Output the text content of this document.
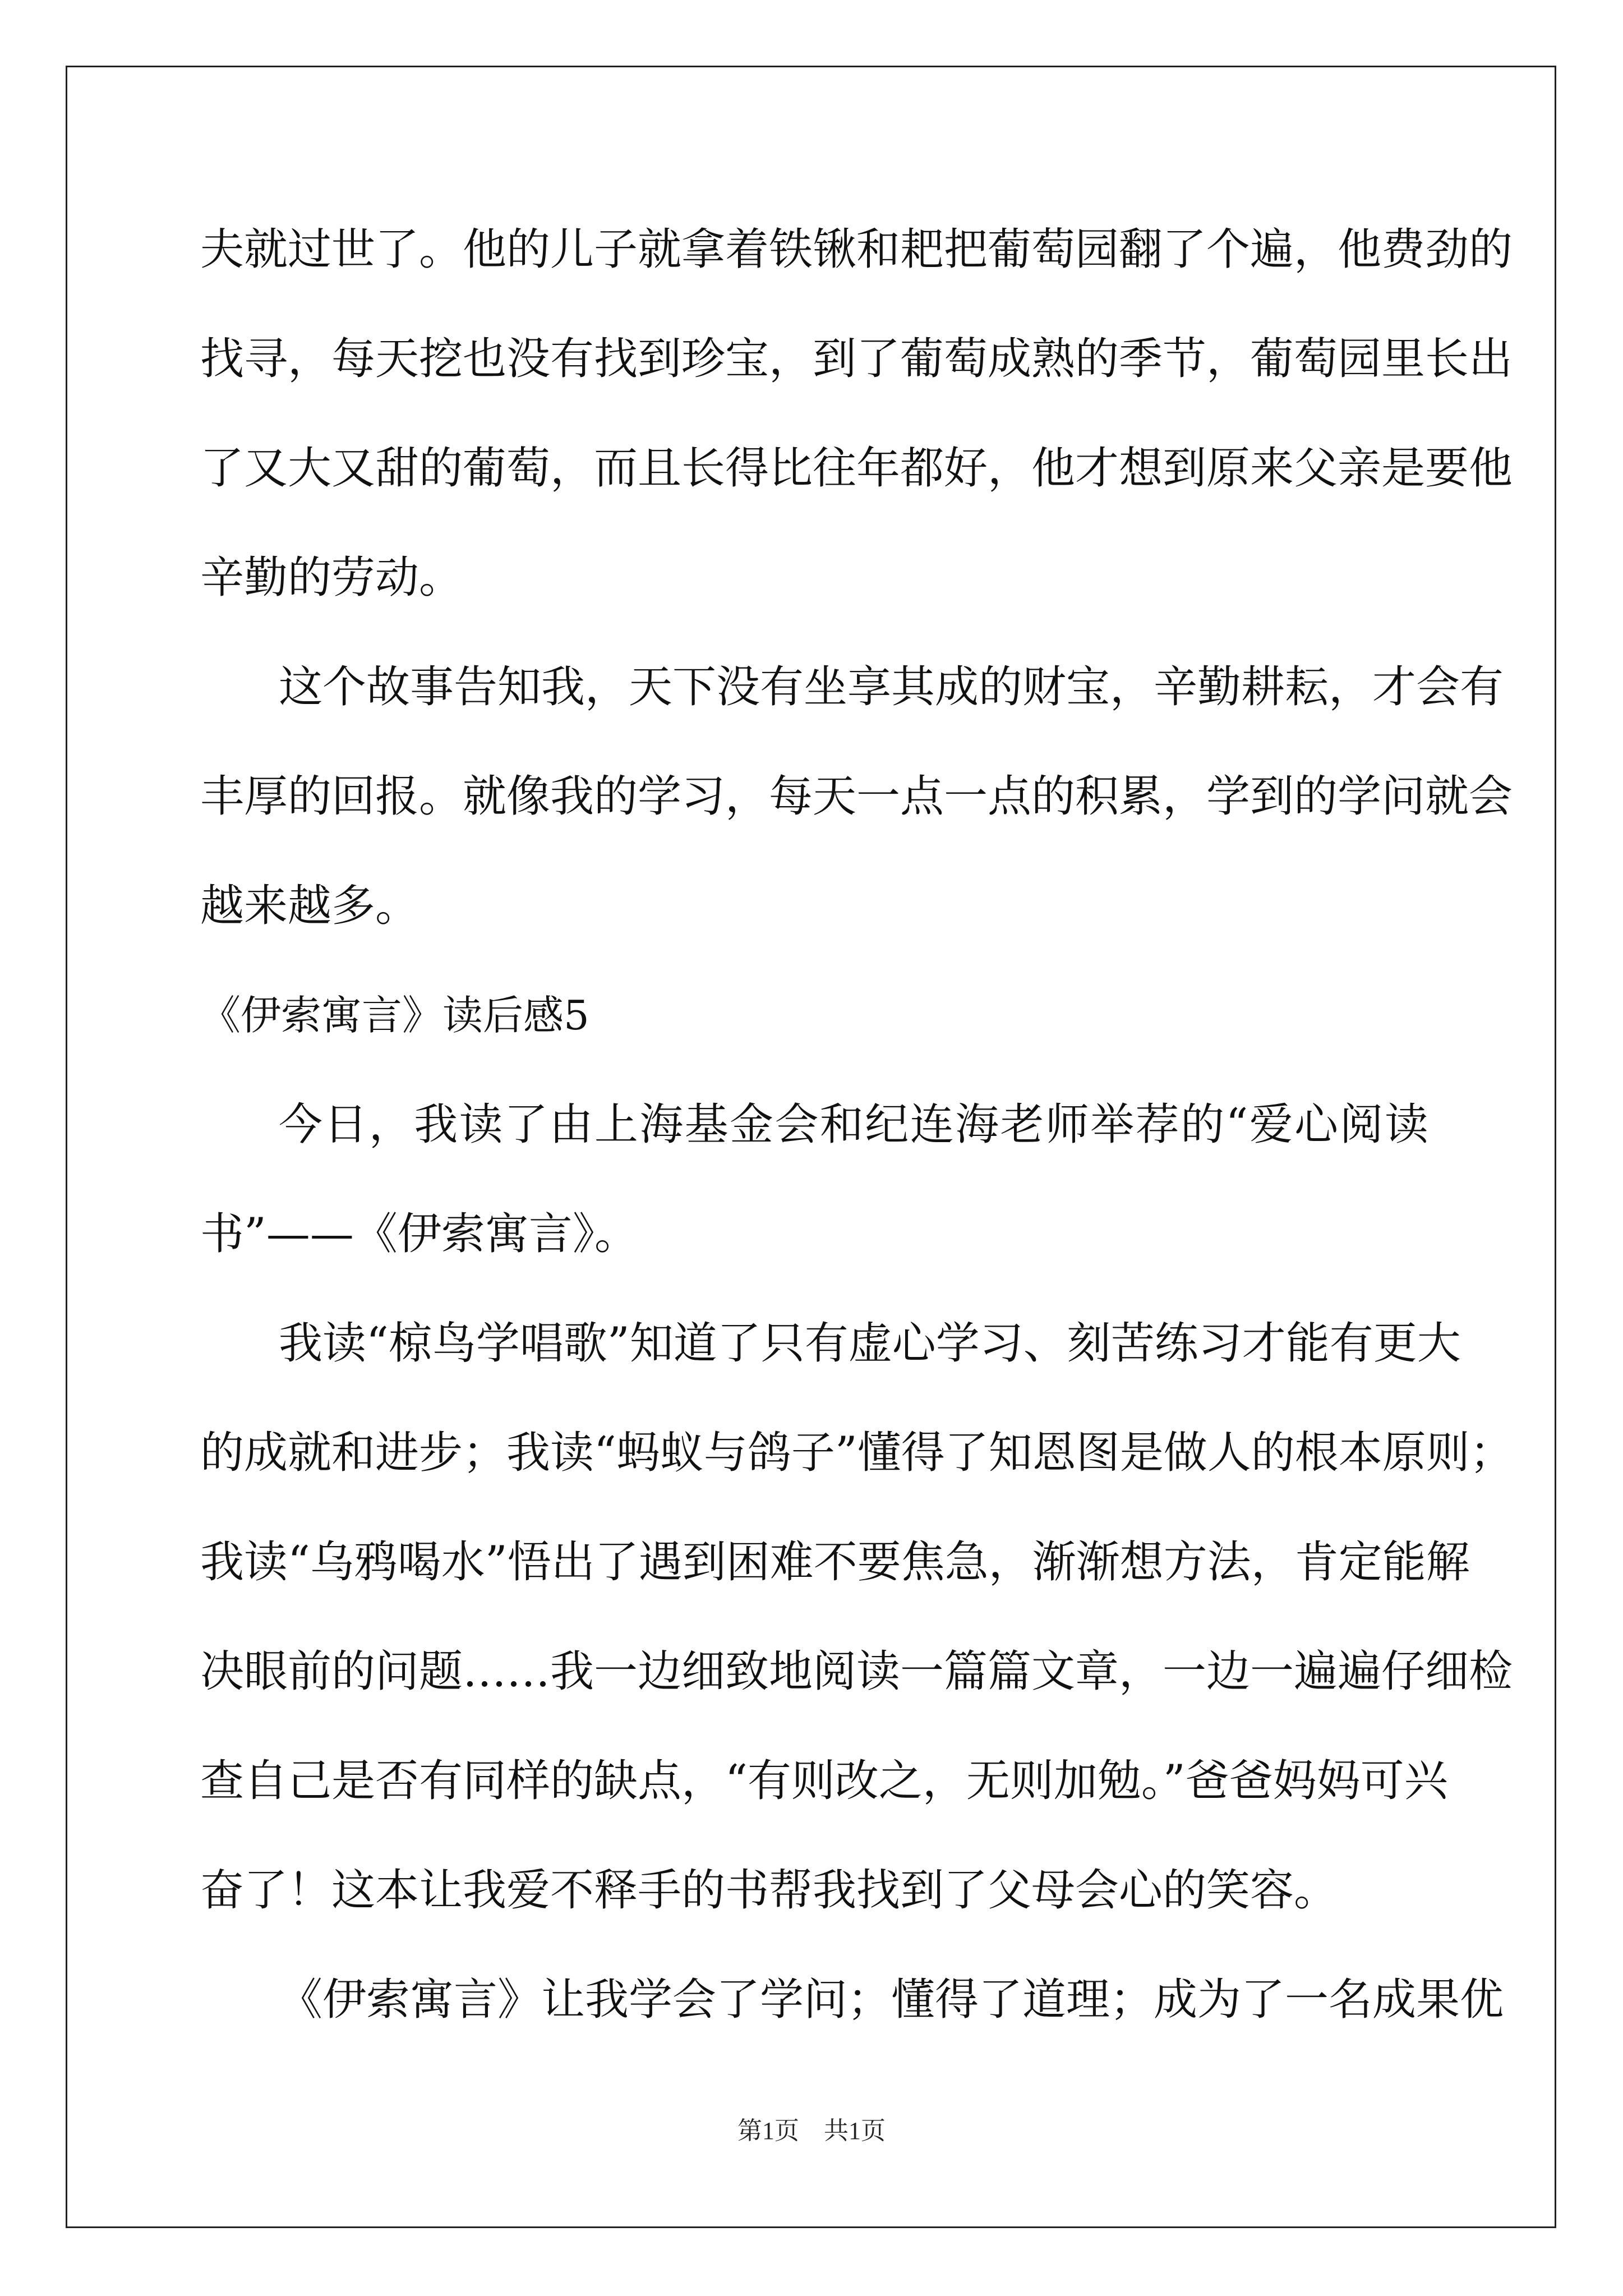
夫就过世了。他的儿子就拿着铁锹和耙把葡萄园翻了个遍，他费劲的
找寻，每天挖也没有找到珍宝，到了葡萄成熟的季节，葡萄园里长出
了又大又甜的葡萄，而且长得比往年都好，他才想到原来父亲是要他
辛勤的劳动。
这个故事告知我，天下没有坐享其成的财宝，辛勤耕耘，才会有
丰厚的回报。就像我的学习，每天一点一点的积累，学到的学问就会
越来越多。
《伊索寓言》读后感5
今日，我读了由上海基金会和纪连海老师举荐的“爱心阅读
书”——《伊索寓言》。
我读“椋鸟学唱歌”知道了只有虚心学习、刻苦练习才能有更大
的成就和进步；我读“蚂蚁与鸽子”懂得了知恩图是做人的根本原则；
我读“乌鸦喝水”悟出了遇到困难不要焦急，渐渐想方法，肯定能解
决眼前的问题……我一边细致地阅读一篇篇文章，一边一遍遍仔细检
查自己是否有同样的缺点，“有则改之，无则加勉。”爸爸妈妈可兴
奋了！这本让我爱不释手的书帮我找到了父母会心的笑容。
《伊索寓言》让我学会了学问；懂得了道理；成为了一名成果优
第1页　共1页
